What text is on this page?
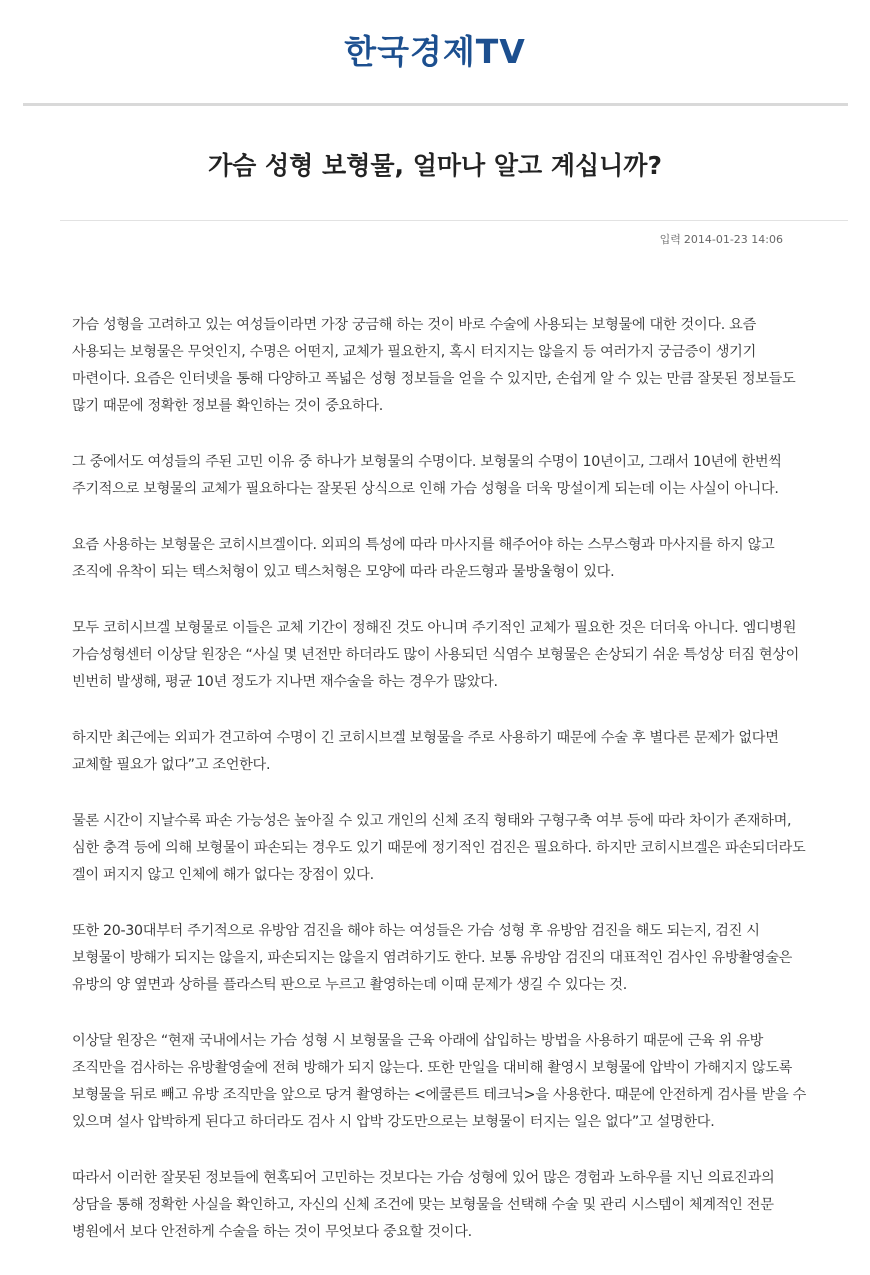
한국경제TV
가슴 성형 보형물, 얼마나 알고 계십니까?
입력 2014-01-23 14:06

가슴 성형을 고려하고 있는 여성들이라면 가장 궁금해 하는 것이 바로 수술에 사용되는 보형물에 대한 것이다. 요즘 사용되는 보형물은 무엇인지, 수명은 어떤지, 교체가 필요한지, 혹시 터지지는 않을지 등 여러가지 궁금증이 생기기 마련이다. 요즘은 인터넷을 통해 다양하고 폭넓은 성형 정보들을 얻을 수 있지만, 손쉽게 알 수 있는 만큼 잘못된 정보들도 많기 때문에 정확한 정보를 확인하는 것이 중요하다.

그 중에서도 여성들의 주된 고민 이유 중 하나가 보형물의 수명이다. 보형물의 수명이 10년이고, 그래서 10년에 한번씩 주기적으로 보형물의 교체가 필요하다는 잘못된 상식으로 인해 가슴 성형을 더욱 망설이게 되는데 이는 사실이 아니다.

요즘 사용하는 보형물은 코히시브겔이다. 외피의 특성에 따라 마사지를 해주어야 하는 스무스형과 마사지를 하지 않고 조직에 유착이 되는 텍스처형이 있고 텍스처형은 모양에 따라 라운드형과 물방울형이 있다.

모두 코히시브겔 보형물로 이들은 교체 기간이 정해진 것도 아니며 주기적인 교체가 필요한 것은 더더욱 아니다. 엠디병원 가슴성형센터 이상달 원장은 “사실 몇 년전만 하더라도 많이 사용되던 식염수 보형물은 손상되기 쉬운 특성상 터짐 현상이 빈번히 발생해, 평균 10년 정도가 지나면 재수술을 하는 경우가 많았다.

하지만 최근에는 외피가 견고하여 수명이 긴 코히시브겔 보형물을 주로 사용하기 때문에 수술 후 별다른 문제가 없다면 교체할 필요가 없다”고 조언한다.

물론 시간이 지날수록 파손 가능성은 높아질 수 있고 개인의 신체 조직 형태와 구형구축 여부 등에 따라 차이가 존재하며, 심한 충격 등에 의해 보형물이 파손되는 경우도 있기 때문에 정기적인 검진은 필요하다. 하지만 코히시브겔은 파손되더라도 겔이 퍼지지 않고 인체에 해가 없다는 장점이 있다.

또한 20-30대부터 주기적으로 유방암 검진을 해야 하는 여성들은 가슴 성형 후 유방암 검진을 해도 되는지, 검진 시 보형물이 방해가 되지는 않을지, 파손되지는 않을지 염려하기도 한다. 보통 유방암 검진의 대표적인 검사인 유방촬영술은 유방의 양 옆면과 상하를 플라스틱 판으로 누르고 촬영하는데 이때 문제가 생길 수 있다는 것.

이상달 원장은 “현재 국내에서는 가슴 성형 시 보형물을 근육 아래에 삽입하는 방법을 사용하기 때문에 근육 위 유방 조직만을 검사하는 유방촬영술에 전혀 방해가 되지 않는다. 또한 만일을 대비해 촬영시 보형물에 압박이 가해지지 않도록 보형물을 뒤로 빼고 유방 조직만을 앞으로 당겨 촬영하는 <에쿨른트 테크닉>을 사용한다. 때문에 안전하게 검사를 받을 수 있으며 설사 압박하게 된다고 하더라도 검사 시 압박 강도만으로는 보형물이 터지는 일은 없다”고 설명한다.

따라서 이러한 잘못된 정보들에 현혹되어 고민하는 것보다는 가슴 성형에 있어 많은 경험과 노하우를 지닌 의료진과의 상담을 통해 정확한 사실을 확인하고, 자신의 신체 조건에 맞는 보형물을 선택해 수술 및 관리 시스템이 체계적인 전문 병원에서 보다 안전하게 수술을 하는 것이 무엇보다 중요할 것이다.
